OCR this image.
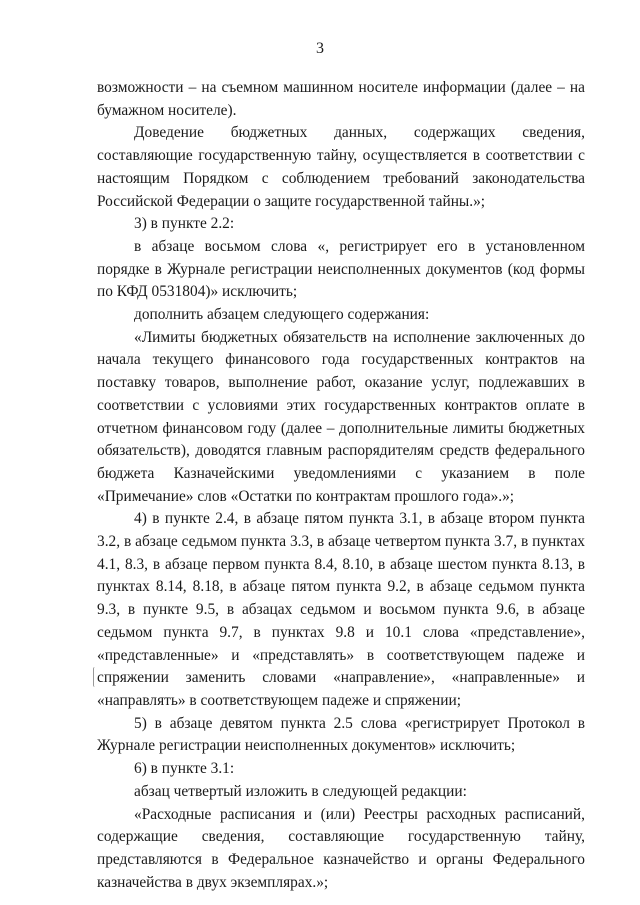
3

возможности – на съемном машинном носителе информации (далее – на бумажном носителе).

Доведение бюджетных данных, содержащих сведения, составляющие государственную тайну, осуществляется в соответствии с настоящим Порядком с соблюдением требований законодательства Российской Федерации о защите государственной тайны.»;

3) в пункте 2.2:

в абзаце восьмом слова «, регистрирует его в установленном порядке в Журнале регистрации неисполненных документов (код формы по КФД 0531804)» исключить;

дополнить абзацем следующего содержания:

«Лимиты бюджетных обязательств на исполнение заключенных до начала текущего финансового года государственных контрактов на поставку товаров, выполнение работ, оказание услуг, подлежавших в соответствии с условиями этих государственных контрактов оплате в отчетном финансовом году (далее – дополнительные лимиты бюджетных обязательств), доводятся главным распорядителям средств федерального бюджета Казначейскими уведомлениями с указанием в поле «Примечание» слов «Остатки по контрактам прошлого года».»;

4) в пункте 2.4, в абзаце пятом пункта 3.1, в абзаце втором пункта 3.2, в абзаце седьмом пункта 3.3, в абзаце четвертом пункта 3.7, в пунктах 4.1, 8.3, в абзаце первом пункта 8.4, 8.10, в абзаце шестом пункта 8.13, в пунктах 8.14, 8.18, в абзаце пятом пункта 9.2, в абзаце седьмом пункта 9.3, в пункте 9.5, в абзацах седьмом и восьмом пункта 9.6, в абзаце седьмом пункта 9.7, в пунктах 9.8 и 10.1 слова «представление», «представленные» и «представлять» в соответствующем падеже и спряжении заменить словами «направление», «направленные» и «направлять» в соответствующем падеже и спряжении;

5) в абзаце девятом пункта 2.5 слова «регистрирует Протокол в Журнале регистрации неисполненных документов» исключить;

6) в пункте 3.1:

абзац четвертый изложить в следующей редакции:

«Расходные расписания и (или) Реестры расходных расписаний, содержащие сведения, составляющие государственную тайну, представляются в Федеральное казначейство и органы Федерального казначейства в двух экземплярах.»;
